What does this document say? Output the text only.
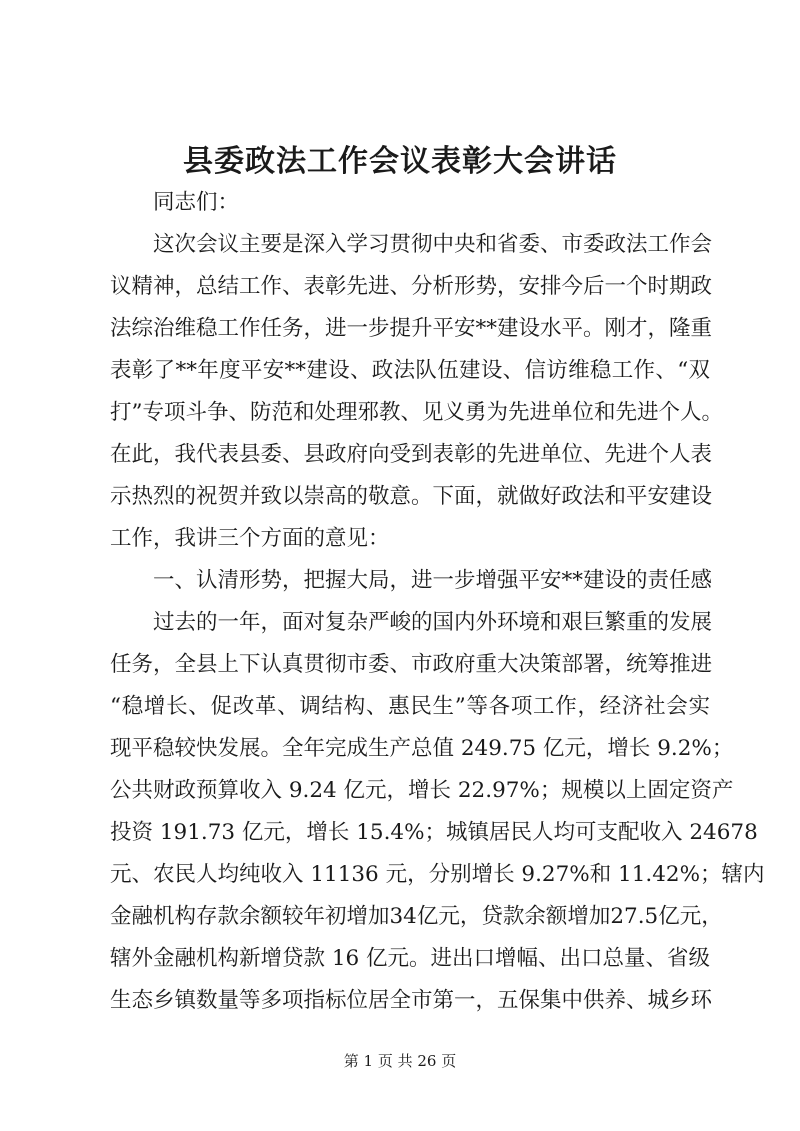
县委政法工作会议表彰大会讲话

同志们：

这次会议主要是深入学习贯彻中央和省委、市委政法工作会

议精神，总结工作、表彰先进、分析形势，安排今后一个时期政

法综治维稳工作任务，进一步提升平安**建设水平。刚才，隆重

表彰了**年度平安**建设、政法队伍建设、信访维稳工作、“双

打”专项斗争、防范和处理邪教、见义勇为先进单位和先进个人。

在此，我代表县委、县政府向受到表彰的先进单位、先进个人表

示热烈的祝贺并致以崇高的敬意。下面，就做好政法和平安建设

工作，我讲三个方面的意见：

一、认清形势，把握大局，进一步增强平安**建设的责任感

过去的一年，面对复杂严峻的国内外环境和艰巨繁重的发展

任务，全县上下认真贯彻市委、市政府重大决策部署，统筹推进

“稳增长、促改革、调结构、惠民生”等各项工作，经济社会实

现平稳较快发展。全年完成生产总值 249.75 亿元，增长 9.2%；

公共财政预算收入 9.24 亿元，增长 22.97%；规模以上固定资产

投资 191.73 亿元，增长 15.4%；城镇居民人均可支配收入 24678

元、农民人均纯收入 11136 元，分别增长 9.27%和 11.42%；辖内

金融机构存款余额较年初增加34亿元，贷款余额增加27.5亿元，

辖外金融机构新增贷款 16 亿元。进出口增幅、出口总量、省级

生态乡镇数量等多项指标位居全市第一，五保集中供养、城乡环

第 1 页 共 26 页
